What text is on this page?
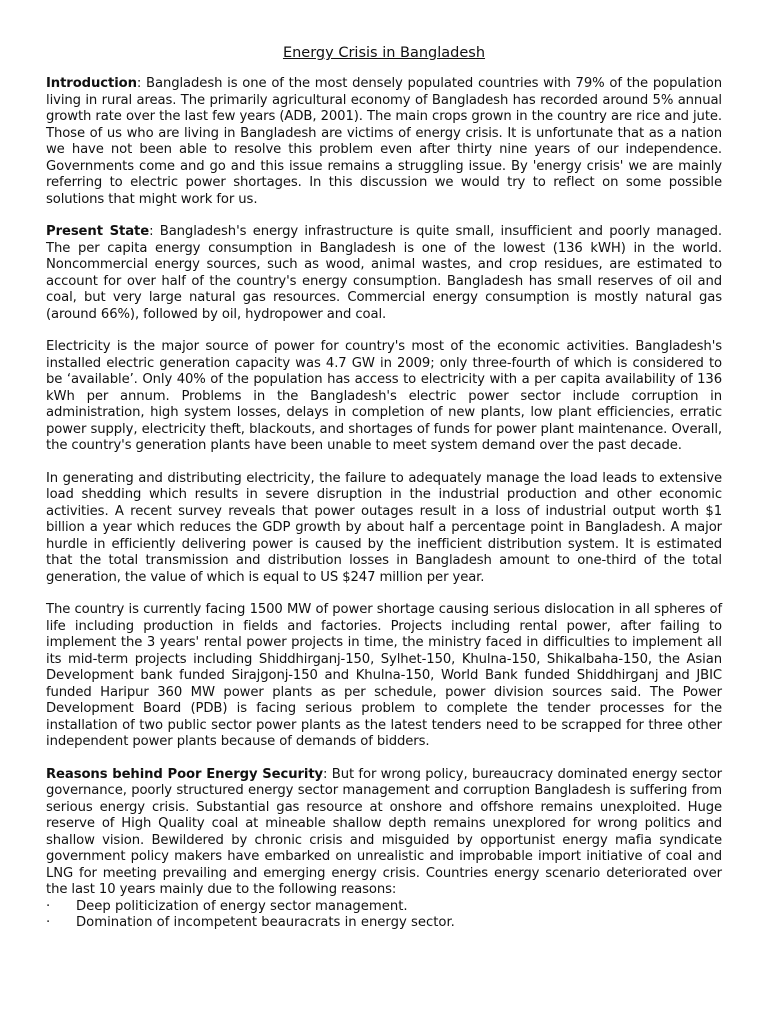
Energy Crisis in Bangladesh

Introduction: Bangladesh is one of the most densely populated countries with 79% of the population living in rural areas. The primarily agricultural economy of Bangladesh has recorded around 5% annual growth rate over the last few years (ADB, 2001). The main crops grown in the country are rice and jute. Those of us who are living in Bangladesh are victims of energy crisis. It is unfortunate that as a nation we have not been able to resolve this problem even after thirty nine years of our independence. Governments come and go and this issue remains a struggling issue. By 'energy crisis' we are mainly referring to electric power shortages. In this discussion we would try to reflect on some possible solutions that might work for us.

Present State: Bangladesh's energy infrastructure is quite small, insufficient and poorly managed. The per capita energy consumption in Bangladesh is one of the lowest (136 kWH) in the world. Noncommercial energy sources, such as wood, animal wastes, and crop residues, are estimated to account for over half of the country's energy consumption. Bangladesh has small reserves of oil and coal, but very large natural gas resources. Commercial energy consumption is mostly natural gas (around 66%), followed by oil, hydropower and coal.

Electricity is the major source of power for country's most of the economic activities. Bangladesh's installed electric generation capacity was 4.7 GW in 2009; only three-fourth of which is considered to be ‘available’. Only 40% of the population has access to electricity with a per capita availability of 136 kWh per annum. Problems in the Bangladesh's electric power sector include corruption in administration, high system losses, delays in completion of new plants, low plant efficiencies, erratic power supply, electricity theft, blackouts, and shortages of funds for power plant maintenance. Overall, the country's generation plants have been unable to meet system demand over the past decade.

In generating and distributing electricity, the failure to adequately manage the load leads to extensive load shedding which results in severe disruption in the industrial production and other economic activities. A recent survey reveals that power outages result in a loss of industrial output worth $1 billion a year which reduces the GDP growth by about half a percentage point in Bangladesh. A major hurdle in efficiently delivering power is caused by the inefficient distribution system. It is estimated that the total transmission and distribution losses in Bangladesh amount to one-third of the total generation, the value of which is equal to US $247 million per year.

The country is currently facing 1500 MW of power shortage causing serious dislocation in all spheres of life including production in fields and factories. Projects including rental power, after failing to implement the 3 years' rental power projects in time, the ministry faced in difficulties to implement all its mid-term projects including Shiddhirganj-150, Sylhet-150, Khulna-150, Shikalbaha-150, the Asian Development bank funded Sirajgonj-150 and Khulna-150, World Bank funded Shiddhirganj and JBIC funded Haripur 360 MW power plants as per schedule, power division sources said. The Power Development Board (PDB) is facing serious problem to complete the tender processes for the installation of two public sector power plants as the latest tenders need to be scrapped for three other independent power plants because of demands of bidders.

Reasons behind Poor Energy Security: But for wrong policy, bureaucracy dominated energy sector governance, poorly structured energy sector management and corruption Bangladesh is suffering from serious energy crisis. Substantial gas resource at onshore and offshore remains unexploited. Huge reserve of High Quality coal at mineable shallow depth remains unexplored for wrong politics and shallow vision. Bewildered by chronic crisis and misguided by opportunist energy mafia syndicate government policy makers have embarked on unrealistic and improbable import initiative of coal and LNG for meeting prevailing and emerging energy crisis. Countries energy scenario deteriorated over the last 10 years mainly due to the following reasons:

· Deep politicization of energy sector management.
· Domination of incompetent beauracrats in energy sector.
